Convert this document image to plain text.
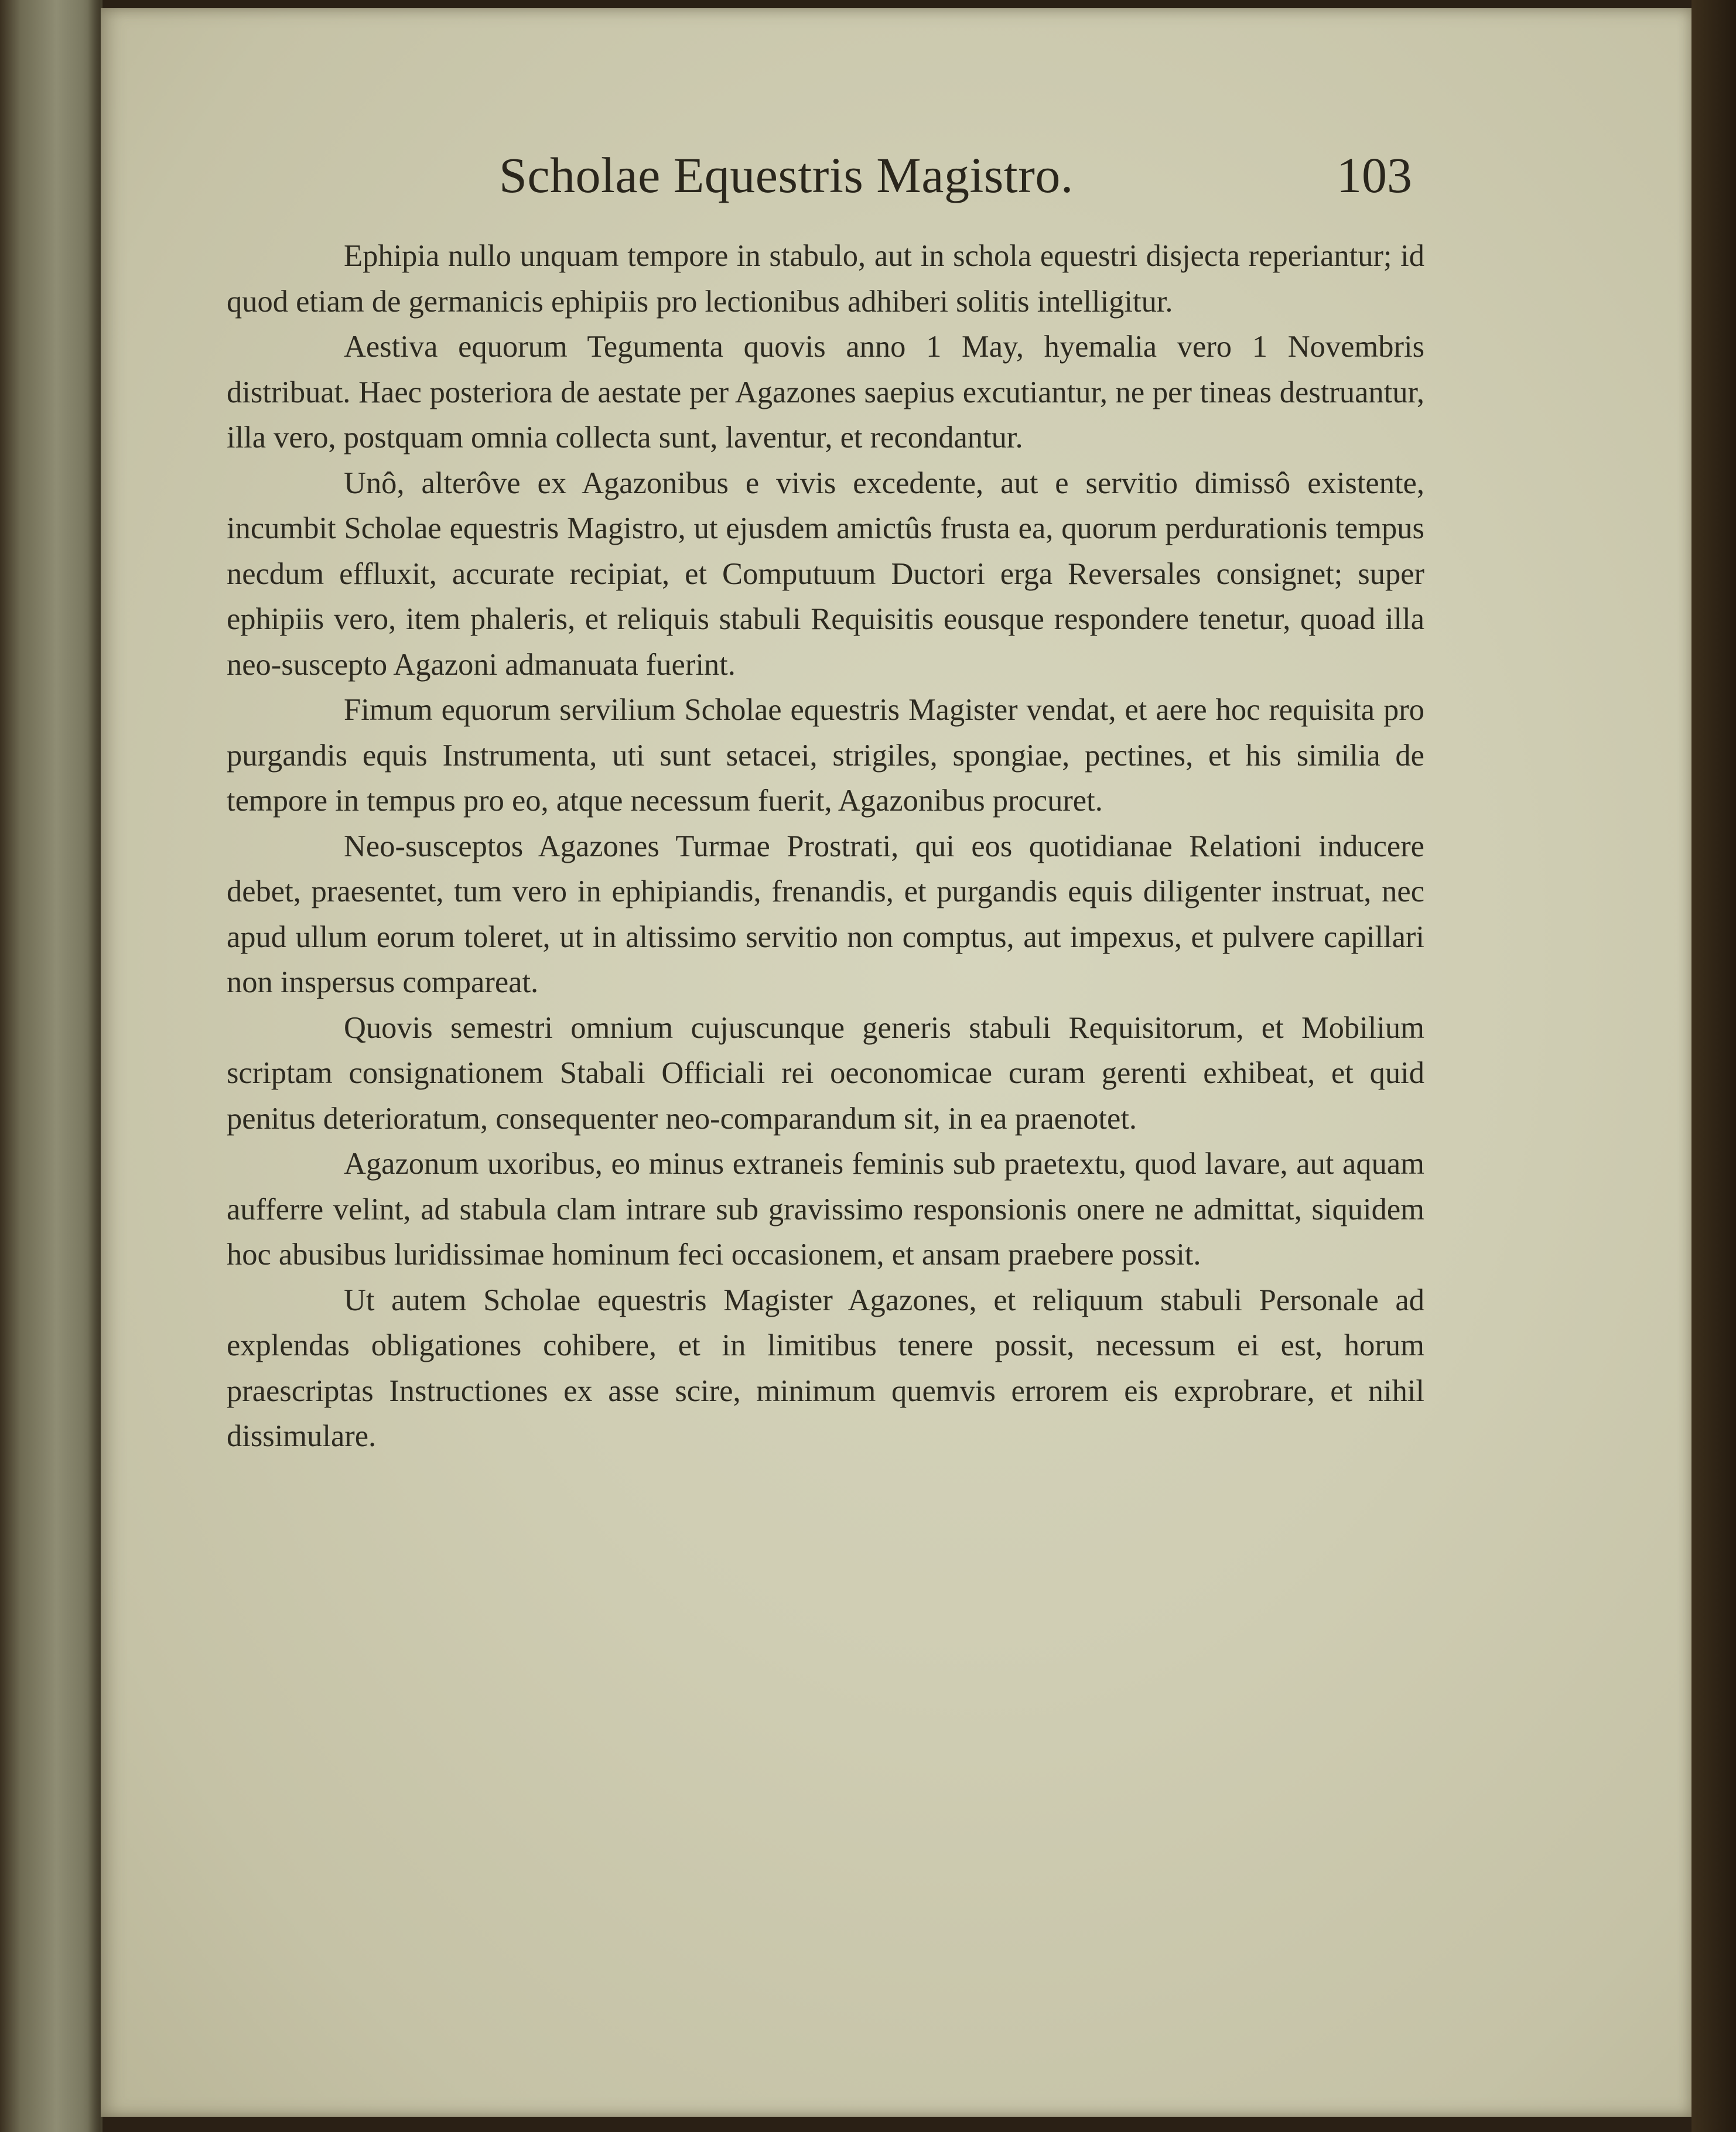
Scholae Equestris Magistro.	103

Ephipia nullo unquam tempore in stabulo, aut in schola equestri disjecta reperiantur; id quod etiam de germanicis ephipiis pro lectionibus adhiberi solitis intelligitur.

Aestiva equorum Tegumenta quovis anno 1 May, hyemalia vero 1 Novembris distribuat. Haec posteriora de aestate per Agazones saepius excutiantur, ne per tineas destruantur, illa vero, postquam omnia collecta sunt, laventur, et recondantur.

Unô, alterôve ex Agazonibus e vivis excedente, aut e servitio dimissô existente, incumbit Scholae equestris Magistro, ut ejusdem amictûs frusta ea, quorum perdurationis tempus necdum effluxit, accurate recipiat, et Computuum Ductori erga Reversales consignet; super ephipiis vero, item phaleris, et reliquis stabuli Requisitis eousque respondere tenetur, quoad illa neo-suscepto Agazoni admanuata fuerint.

Fimum equorum servilium Scholae equestris Magister vendat, et aere hoc requisita pro purgandis equis Instrumenta, uti sunt setacei, strigiles, spongiae, pectines, et his similia de tempore in tempus pro eo, atque necessum fuerit, Agazonibus procuret.

Neo-susceptos Agazones Turmae Prostrati, qui eos quotidianae Relationi inducere debet, praesentet, tum vero in ephipiandis, frenandis, et purgandis equis diligenter instruat, nec apud ullum eorum toleret, ut in altissimo servitio non comptus, aut impexus, et pulvere capillari non inspersus compareat.

Quovis semestri omnium cujuscunque generis stabuli Requisitorum, et Mobilium scriptam consignationem Stabali Officiali rei oeconomicae curam gerenti exhibeat, et quid penitus deterioratum, consequenter neo-comparandum sit, in ea praenotet.

Agazonum uxoribus, eo minus extraneis feminis sub praetextu, quod lavare, aut aquam aufferre velint, ad stabula clam intrare sub gravissimo responsionis onere ne admittat, siquidem hoc abusibus luridissimae hominum feci occasionem, et ansam praebere possit.

Ut autem Scholae equestris Magister Agazones, et reliquum stabuli Personale ad explendas obligationes cohibere, et in limitibus tenere possit, necessum ei est, horum praescriptas Instructiones ex asse scire, minimum quemvis errorem eis exprobrare, et nihil dissimulare.
